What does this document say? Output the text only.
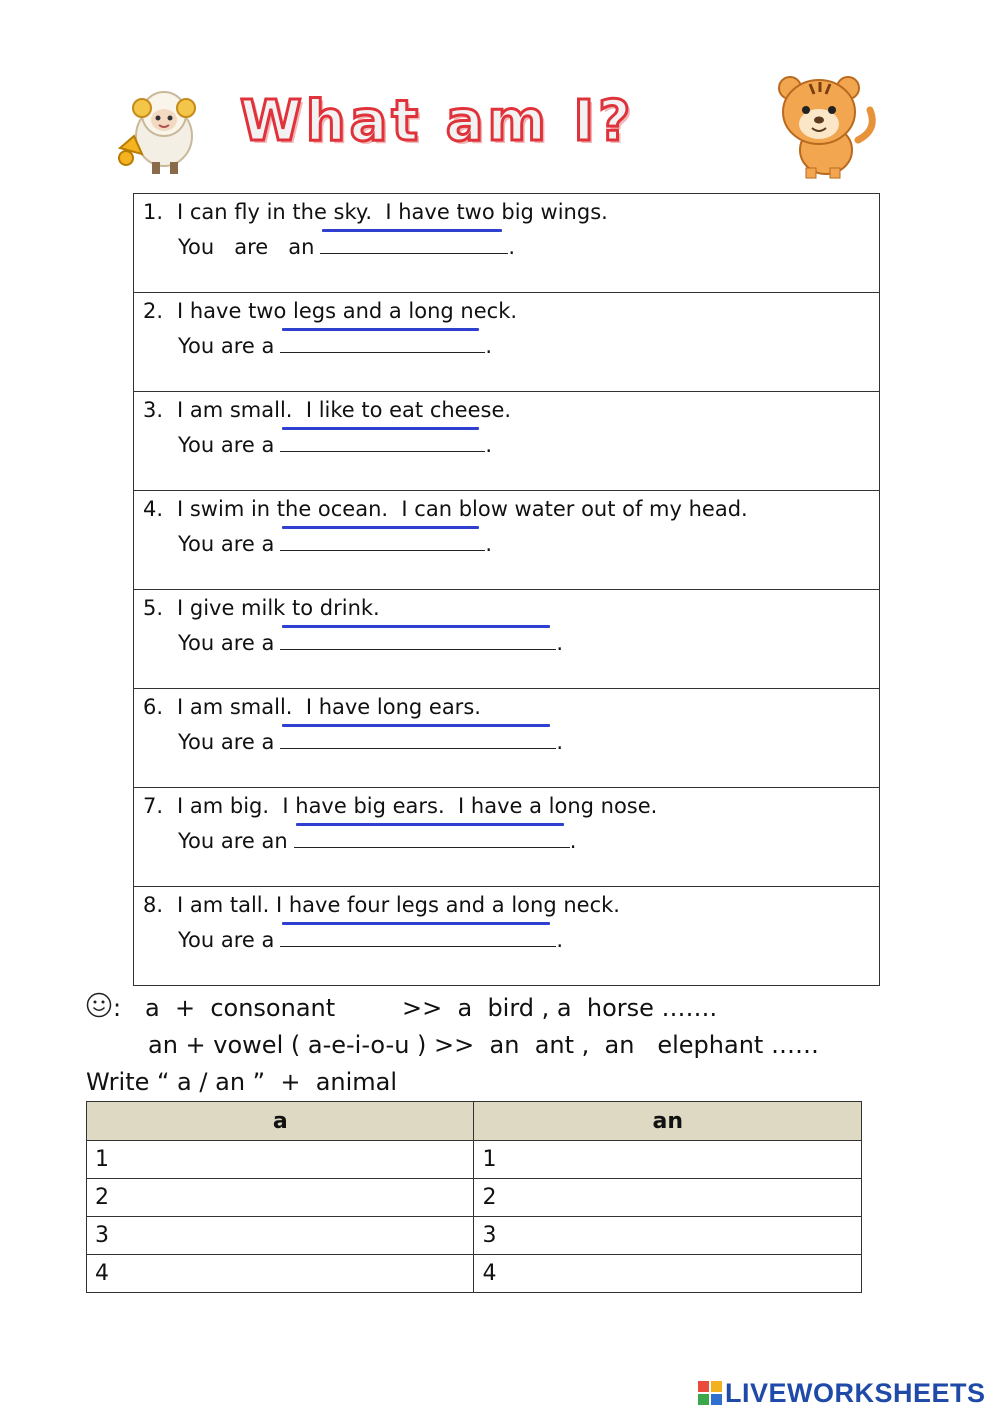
What am I?
1. I can fly in the sky.  I have two big wings.
You   are   an	.
2. I have two legs and a long neck.
You are a	.
3. I am small.  I like to eat cheese.
You are a	.
4. I swim in the ocean.  I can blow water out of my head.
You are a	.
5. I give milk to drink.
You are a	.
6. I am small.  I have long ears.
You are a	.
7. I am big.  I have big ears.  I have a long nose.
You are an	.
8. I am tall. I have four legs and a long neck.
You are a	.
: a  +  consonant	>>  a  bird , a  horse …….
an + vowel ( a-e-i-o-u ) >>  an  ant ,  an   elephant ……
Write “ a / an ”  +  animal
a	an
1	1
2	2
3	3
4	4
LIVEWORKSHEETS
